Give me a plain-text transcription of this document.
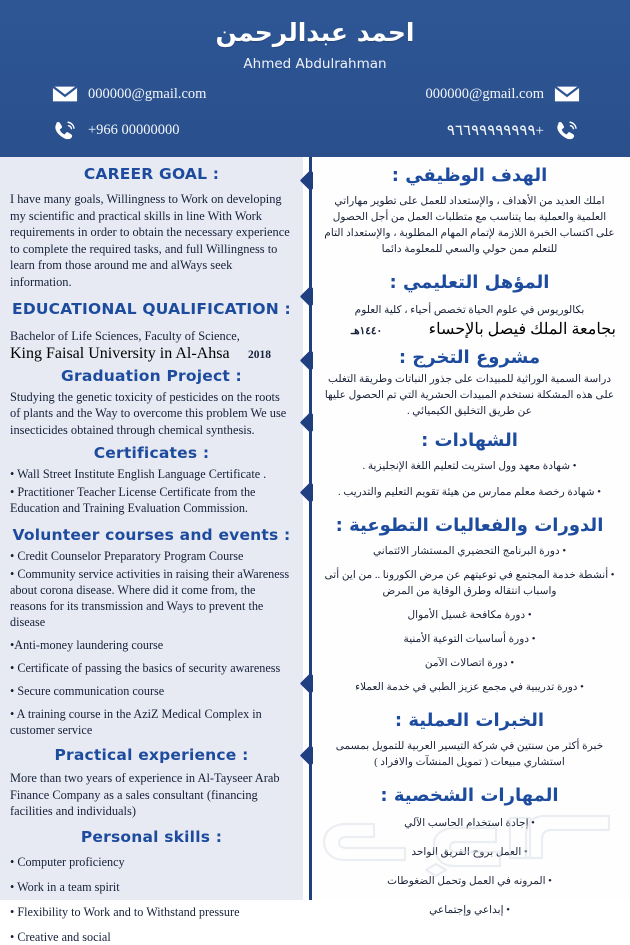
احمد عبدالرحمن
Ahmed Abdulrahman
000000@gmail.com
+966 00000000
000000@gmail.com
+٩٦٦٩٩٩٩٩٩٩٩
CAREER GOAL :

I have many goals, Willingness to Work on developing my scientific and practical skills in line With Work requirements in order to obtain the necessary experience to complete the required tasks, and full Willingness to learn from those around me and alWays seek information.

EDUCATIONAL QUALIFICATION :

Bachelor of Life Sciences, Faculty of Science,

King Faisal University in Al-Ahsa 2018
Graduation Project :

Studying the genetic toxicity of pesticides on the roots of plants and the Way to overcome this problem We use insecticides obtained through chemical synthesis.

Certificates :
• Wall Street Institute English Language Certificate .
• Practitioner Teacher License Certificate from the Education and Training Evaluation Commission.
Volunteer courses and events :
• Credit Counselor Preparatory Program Course
• Community service activities in raising their aWareness about corona disease. Where did it come from, the reasons for its transmission and Ways to prevent the disease
•Anti-money laundering course
• Certificate of passing the basics of security awareness
• Secure communication course
• A training course in the AziZ Medical Complex in customer service
Practical experience :

More than two years of experience in Al-Tayseer Arab Finance Company as a sales consultant (financing facilities and individuals)

Personal skills :
• Computer proficiency
• Work in a team spirit
• Flexibility to Work and to Withstand pressure
• Creative and social
الهدف الوظيفي :

املك العديد من الأهداف ، والإستعداد للعمل على تطوير مهاراتي العلمية والعملية بما يتناسب مع متطلبات العمل من أجل الحصول على اكتساب الخبرة اللازمة لإتمام المهام المطلوبة ، والإستعداد التام للتعلم ممن حولي والسعي للمعلومة دائما

المؤهل التعليمي :

بكالوريوس في علوم الحياة تخصص أحياء ، كلية العلوم

بجامعة الملك فيصل بالإحساء
١٤٤٠هـ
مشروع التخرج :

دراسة السمية الوراثية للمبيدات على جذور النباتات وطريقة التغلب على هذه المشكلة نستخدم المبيدات الحشرية التي تم الحصول عليها عن طريق التخليق الكيميائي .

الشهادات :
• شهادة معهد وول استريت لتعليم اللغة الإنجليزية .
• شهادة رخصة معلم ممارس من هيئة تقويم التعليم والتدريب .
الدورات والفعاليات التطوعية :
• دورة البرنامج التحضيري المستشار الائتماني
• أنشطة خدمة المجتمع في توعيتهم عن مرض الكورونا .. من اين أتى واسباب انتقاله وطرق الوقاية من المرض
• دورة مكافحة غسيل الأموال
• دورة أساسيات التوعية الأمنية
• دورة اتصالات الآمن
• دورة تدريبية في مجمع عزيز الطبي في خدمة العملاء
الخبرات العملية :

خبرة أكثر من سنتين في شركة التيسير العربية للتمويل بمسمى استشاري مبيعات ( تمويل المنشآت والافراد )

المهارات الشخصية :
• إجادة استخدام الحاسب الآلي
• العمل بروح الفريق الواحد
• المرونه في العمل وتحمل الضغوطات
• إبداعي وإجتماعي
